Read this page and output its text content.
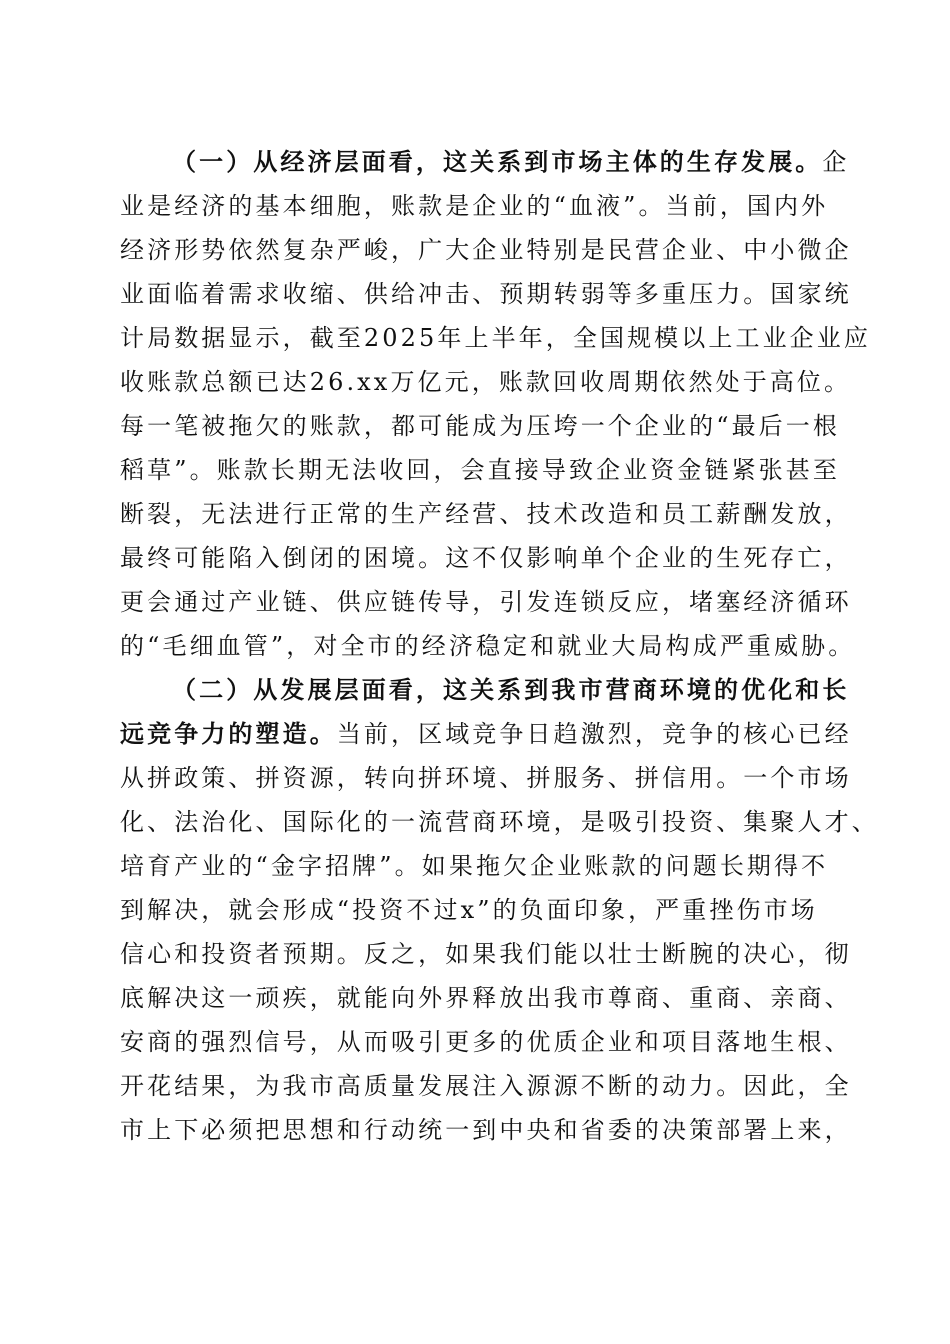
（一）从经济层面看，这关系到市场主体的生存发展。企
业是经济的基本细胞，账款是企业的“血液”。当前，国内外
经济形势依然复杂严峻，广大企业特别是民营企业、中小微企
业面临着需求收缩、供给冲击、预期转弱等多重压力。国家统
计局数据显示，截至2025年上半年，全国规模以上工业企业应
收账款总额已达26.xx万亿元，账款回收周期依然处于高位。
每一笔被拖欠的账款，都可能成为压垮一个企业的“最后一根
稻草”。账款长期无法收回，会直接导致企业资金链紧张甚至
断裂，无法进行正常的生产经营、技术改造和员工薪酬发放，
最终可能陷入倒闭的困境。这不仅影响单个企业的生死存亡，
更会通过产业链、供应链传导，引发连锁反应，堵塞经济循环
的“毛细血管”，对全市的经济稳定和就业大局构成严重威胁。
（二）从发展层面看，这关系到我市营商环境的优化和长
远竞争力的塑造。当前，区域竞争日趋激烈，竞争的核心已经
从拼政策、拼资源，转向拼环境、拼服务、拼信用。一个市场
化、法治化、国际化的一流营商环境，是吸引投资、集聚人才、
培育产业的“金字招牌”。如果拖欠企业账款的问题长期得不
到解决，就会形成“投资不过x”的负面印象，严重挫伤市场
信心和投资者预期。反之，如果我们能以壮士断腕的决心，彻
底解决这一顽疾，就能向外界释放出我市尊商、重商、亲商、
安商的强烈信号，从而吸引更多的优质企业和项目落地生根、
开花结果，为我市高质量发展注入源源不断的动力。因此，全
市上下必须把思想和行动统一到中央和省委的决策部署上来，
